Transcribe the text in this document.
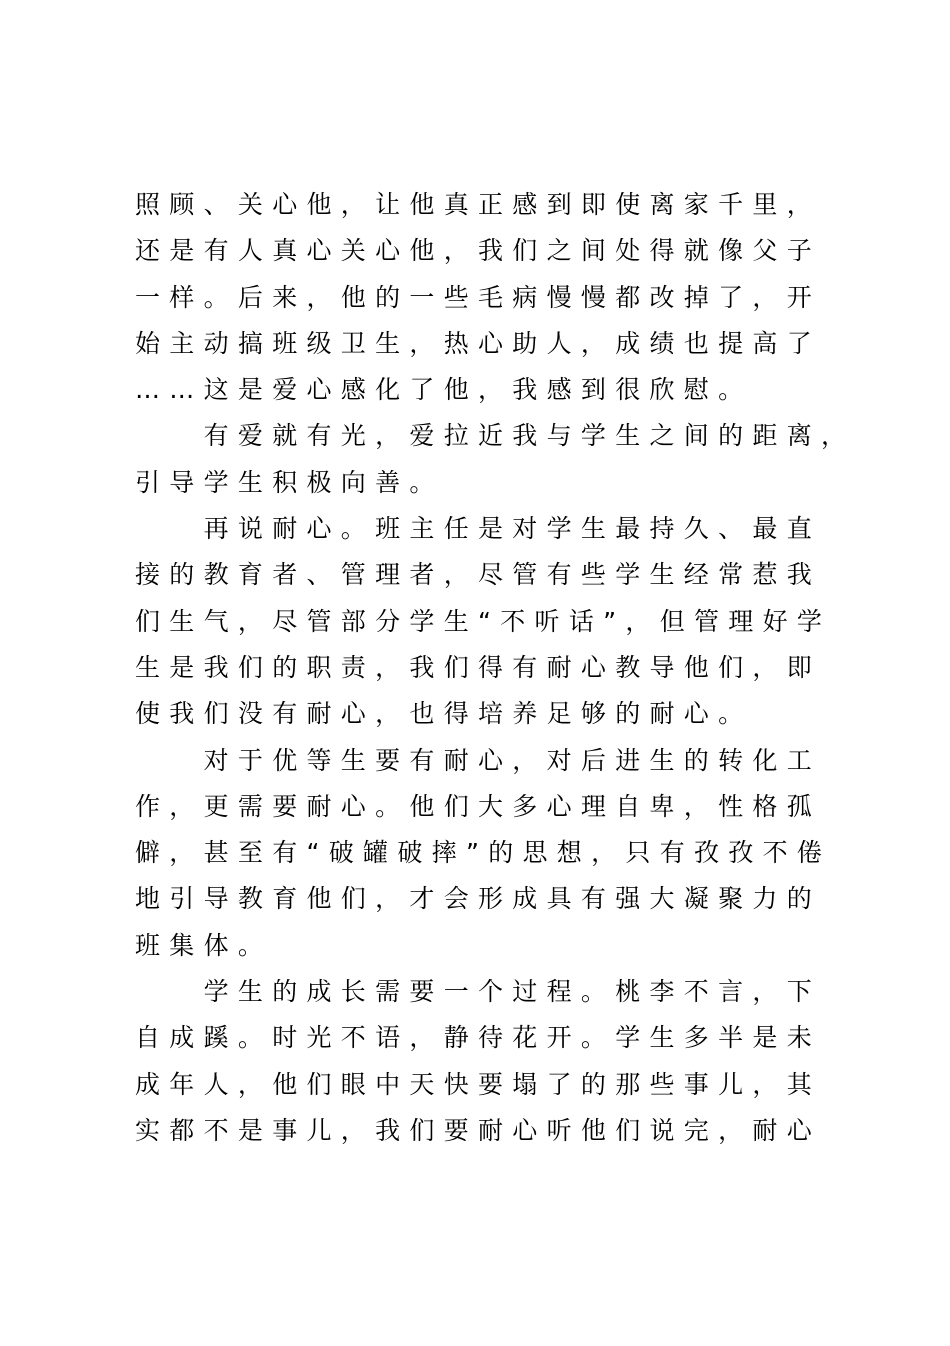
照顾、关心他，让他真正感到即使离家千里，
还是有人真心关心他，我们之间处得就像父子
一样。后来，他的一些毛病慢慢都改掉了，开
始主动搞班级卫生，热心助人，成绩也提高了
……这是爱心感化了他，我感到很欣慰。
　　有爱就有光，爱拉近我与学生之间的距离，
引导学生积极向善。
　　再说耐心。班主任是对学生最持久、最直
接的教育者、管理者，尽管有些学生经常惹我
们生气，尽管部分学生“不听话”，但管理好学
生是我们的职责，我们得有耐心教导他们，即
使我们没有耐心，也得培养足够的耐心。
　　对于优等生要有耐心，对后进生的转化工
作，更需要耐心。他们大多心理自卑，性格孤
僻，甚至有“破罐破摔”的思想，只有孜孜不倦
地引导教育他们，才会形成具有强大凝聚力的
班集体。
　　学生的成长需要一个过程。桃李不言，下
自成蹊。时光不语，静待花开。学生多半是未
成年人，他们眼中天快要塌了的那些事儿，其
实都不是事儿，我们要耐心听他们说完，耐心
